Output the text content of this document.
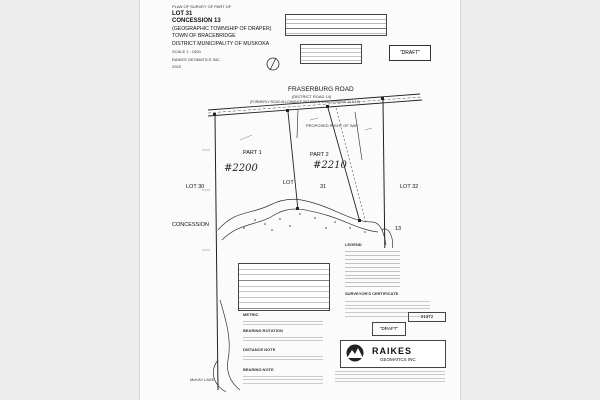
PLAN OF SURVEY OF PART OF
LOT 31
CONCESSION 13
(GEOGRAPHIC TOWNSHIP OF DRAPER)
TOWN OF BRACEBRIDGE
DISTRICT MUNICIPALITY OF MUSKOKA
SCALE 1 : 1000
RAIKES GEOMATICS INC.
2023
"DRAFT"
FRASERBURG ROAD
(DISTRICT ROAD 14)
(FORMERLY ROAD ALLOWANCE BETWEEN CONCESSIONS 13 & 14)
PART 1	PART 2
PROPOSED RIGHT OF WAY
#2200	#2210
LOT 30	LOT 32
LOT
31
CONCESSION
13
McKAY LAKE
LEGEND
SURVEYOR'S CERTIFICATE
21372
"DRAFT"
METRIC
BEARING ROTATION
DISTANCE NOTE
BEARING NOTE
RAIKES
GEOMATICS INC
